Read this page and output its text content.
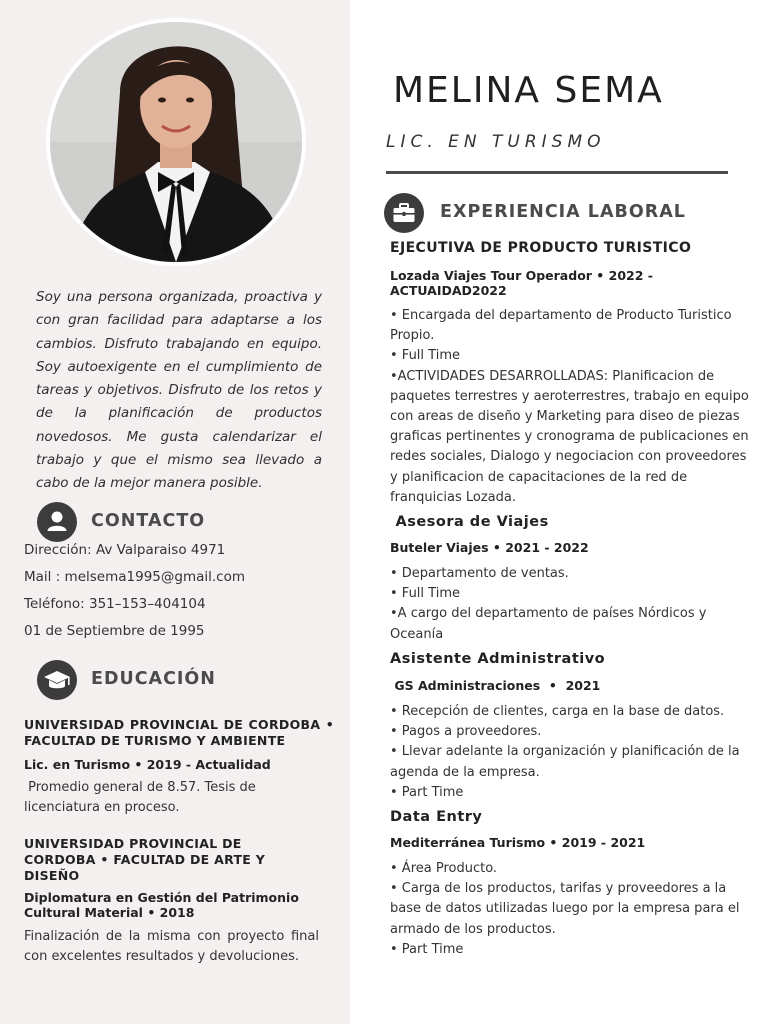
Soy una persona organizada, proactiva y con gran facilidad para adaptarse a los cambios. Disfruto trabajando en equipo. Soy autoexigente en el cumplimiento de tareas y objetivos. Disfruto de los retos y de la planificación de productos novedosos. Me gusta calendarizar el trabajo y que el mismo sea llevado a cabo de la mejor manera posible.
CONTACTO
Dirección: Av Valparaiso 4971
Mail : melsema1995@gmail.com
Teléfono: 351–153–404104
01 de Septiembre de 1995
EDUCACIÓN
UNIVERSIDAD PROVINCIAL DE CORDOBA • FACULTAD DE TURISMO Y AMBIENTE
Lic. en Turismo • 2019 - Actualidad
Promedio general de 8.57. Tesis de licenciatura en proceso.
UNIVERSIDAD PROVINCIAL DE CORDOBA • FACULTAD DE ARTE Y DISEÑO
Diplomatura en Gestión del Patrimonio Cultural Material • 2018
Finalización de la misma con proyecto final con excelentes resultados y devoluciones.
MELINA SEMA
LIC. EN TURISMO
EXPERIENCIA LABORAL
EJECUTIVA DE PRODUCTO TURISTICO
Lozada Viajes Tour Operador • 2022 - ACTUAIDAD2022
• Encargada del departamento de Producto Turistico Propio.
• Full Time
•ACTIVIDADES DESARROLLADAS: Planificacion de paquetes terrestres y aeroterrestres, trabajo en equipo con areas de diseño y Marketing para diseo de piezas graficas pertinentes y cronograma de publicaciones en redes sociales, Dialogo y negociacion con proveedores y planificacion de capacitaciones de la red de franquicias Lozada.
Asesora de Viajes
Buteler Viajes • 2021 - 2022
• Departamento de ventas.
• Full Time
•A cargo del departamento de países Nórdicos y Oceanía
Asistente Administrativo
GS Administraciones  •  2021
• Recepción de clientes, carga en la base de datos.
• Pagos a proveedores.
• Llevar adelante la organización y planificación de la agenda de la empresa.
• Part Time
Data Entry
Mediterránea Turismo • 2019 - 2021
• Área Producto.
• Carga de los productos, tarifas y proveedores a la base de datos utilizadas luego por la empresa para el armado de los productos.
• Part Time
